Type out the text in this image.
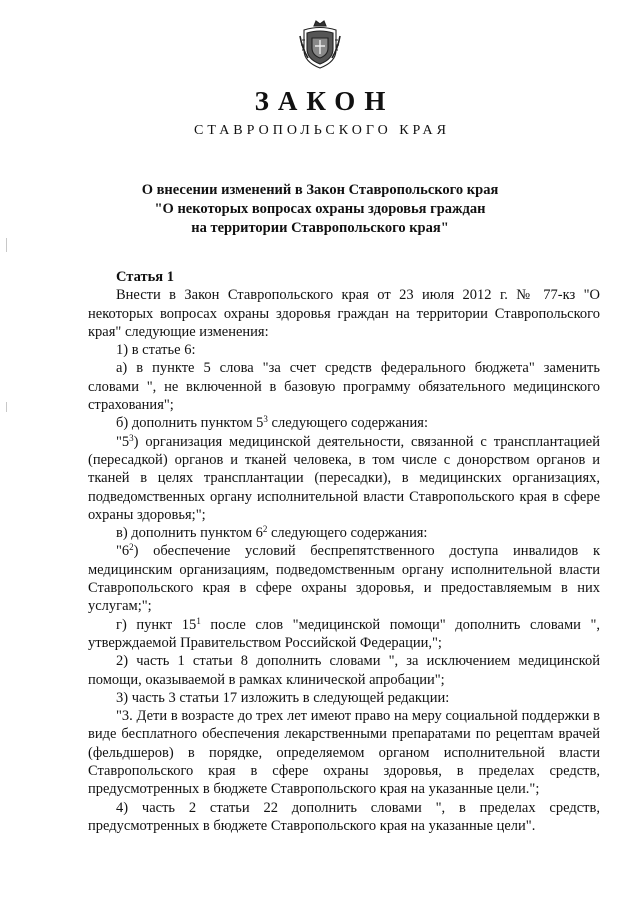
ЗАКОН
СТАВРОПОЛЬСКОГО КРАЯ
О внесении изменений в Закон Ставропольского края
"О некоторых вопросах охраны здоровья граждан
на территории Ставропольского края"
Статья 1

Внести в Закон Ставропольского края от 23 июля 2012 г. № 77-кз "О некоторых вопросах охраны здоровья граждан на территории Ставропольского края" следующие изменения:

1) в статье 6:

а) в пункте 5 слова "за счет средств федерального бюджета" заменить словами ", не включенной в базовую программу обязательного медицинского страхования";

б) дополнить пунктом $5^3$ следующего содержания:

"$5^3$) организация медицинской деятельности, связанной с трансплантацией (пересадкой) органов и тканей человека, в том числе с донорством органов и тканей в целях трансплантации (пересадки), в медицинских организациях, подведомственных органу исполнительной власти Ставропольского края в сфере охраны здоровья;";

в) дополнить пунктом $6^2$ следующего содержания:

"$6^2$) обеспечение условий беспрепятственного доступа инвалидов к медицинским организациям, подведомственным органу исполнительной власти Ставропольского края в сфере охраны здоровья, и предоставляемым в них услугам;";

г) пункт $15^1$ после слов "медицинской помощи" дополнить словами ", утверждаемой Правительством Российской Федерации,";

2) часть 1 статьи 8 дополнить словами ", за исключением медицинской помощи, оказываемой в рамках клинической апробации";

3) часть 3 статьи 17 изложить в следующей редакции:

"3. Дети в возрасте до трех лет имеют право на меру социальной поддержки в виде бесплатного обеспечения лекарственными препаратами по рецептам врачей (фельдшеров) в порядке, определяемом органом исполнительной власти Ставропольского края в сфере охраны здоровья, в пределах средств, предусмотренных в бюджете Ставропольского края на указанные цели.";

4) часть 2 статьи 22 дополнить словами ", в пределах средств, предусмотренных в бюджете Ставропольского края на указанные цели".
